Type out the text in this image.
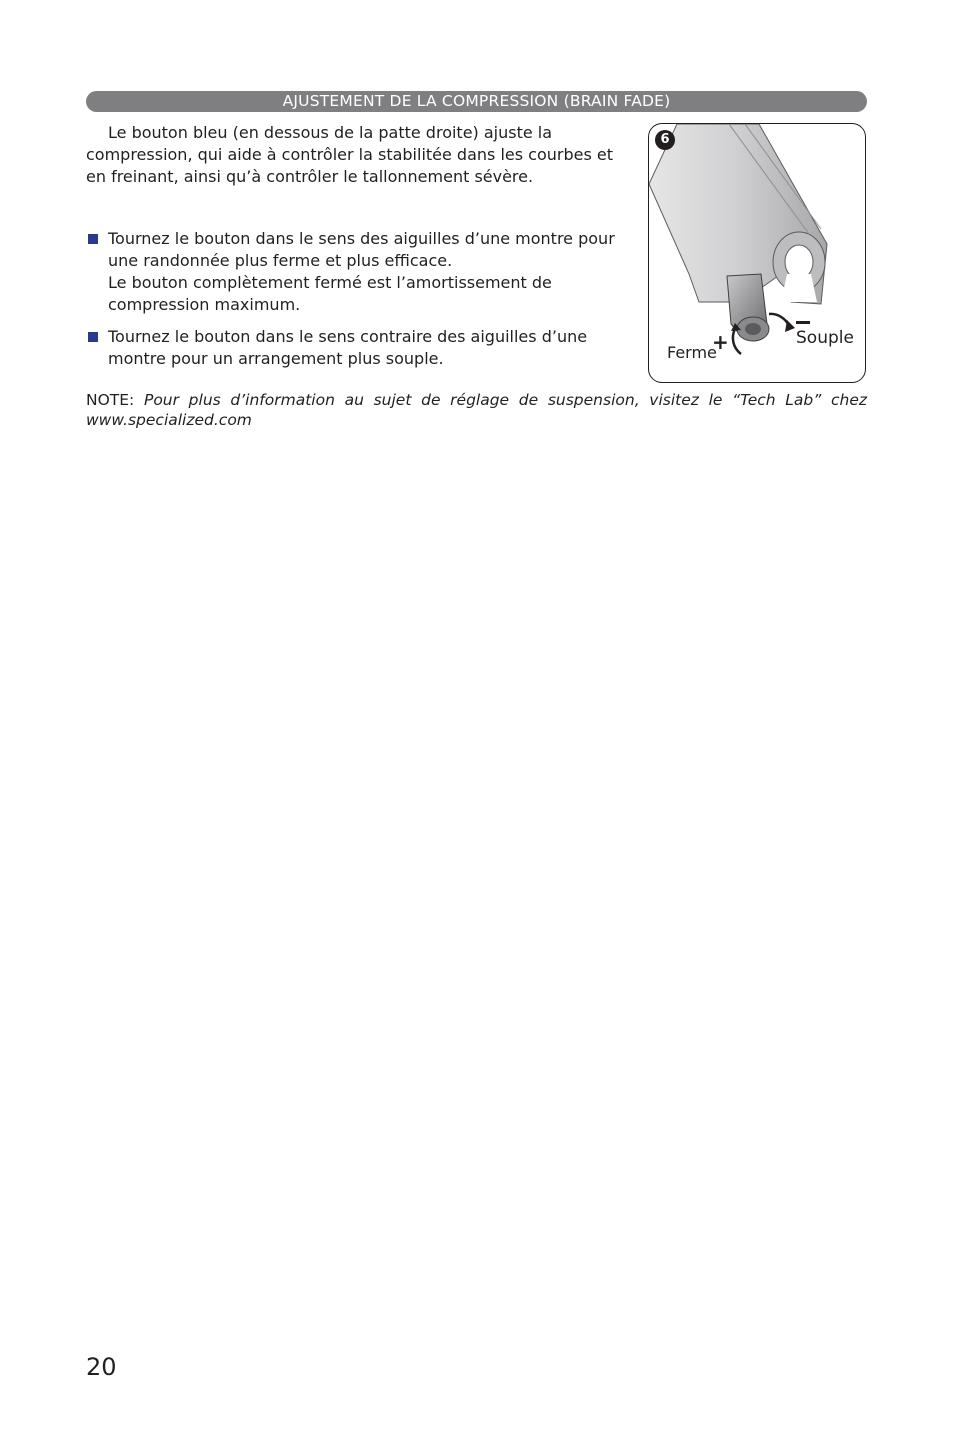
AJUSTEMENT DE LA COMPRESSION (BRAIN FADE)

Le bouton bleu (en dessous de la patte droite) ajuste la compression, qui aide à contrôler la stabilitée dans les courbes et en freinant, ainsi qu’à contrôler le tallonnement sévère.

Tournez le bouton dans le sens des aiguilles d’une montre pour une randonnée plus ferme et plus efficace.
Le bouton complètement fermé est l’amortissement de compression maximum.
Tournez le bouton dans le sens contraire des aiguilles d’une montre pour un arrangement plus souple.
NOTE: Pour plus d’information au sujet de réglage de suspension, visitez le “Tech Lab” chez www.specialized.com
6
+
Ferme
Souple
20
